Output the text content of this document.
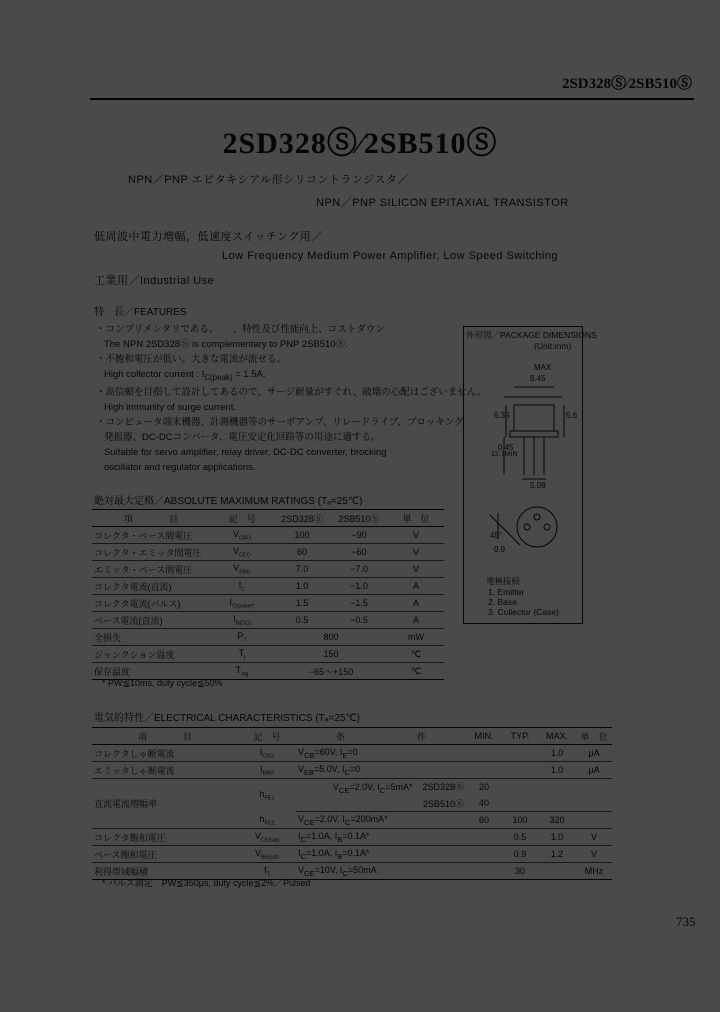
2SD328Ⓢ⁄2SB510Ⓢ
2SD328Ⓢ⁄2SB510Ⓢ
NPN／PNP エピタキシアル形シリコントランジスタ／
NPN／PNP SILICON EPITAXIAL TRANSISTOR
低周波中電力増幅，低速度スイッチング用／
Low Frequency Medium Power Amplifier, Low Speed Switching
工業用／Industrial Use
特　長／FEATURES
・コンプリメンタリである。　　、特性及び性能向上、コストダウン
The NPN 2SD328Ⓢ is complementary to PNP 2SB510Ⓢ.
・不飽和電圧が低い。大きな電流が流せる。
High collector current : $I_{C(peak)} = 1.5A$.
・高信頼を目指して設計してあるので、サージ耐量がすぐれ、破壊の心配はございません。
High immunity of surge current.
・コンピュータ端末機器、計測機器等のサーボアンプ、リレードライブ、ブロッキング
発振器、DC-DCコンバータ、電圧安定化回路等の用途に適する。
Suitable for servo amplifier, relay driver, DC-DC converter, brocking
oscillator and regulator applications.
外形図／PACKAGE DIMENSIONS
(Unit:mm)
MAX
8.45
6.35	5.6
12.7MIN
0.45
5.08
45°
0.9
電極接続
1. Emitter
2. Base
3. Collector (Case)
絶対最大定格／ABSOLUTE MAXIMUM RATINGS (Tₐ=25℃)
項　　　　目	記　号	2SD328Ⓢ	2SB510Ⓢ	単　位
コレクタ・ベース間電圧	$V_{CBO}$	100	−90	V
コレクタ・エミッタ間電圧	$V_{CEO}$	60	−60	V
エミッタ・ベース間電圧	$V_{EBO}$	7.0	−7.0	V
コレクタ電流(直流)	$I_C$	1.0	−1.0	A
コレクタ電流(パルス)	$I_{C(pulse)*}$	1.5	−1.5	A
ベース電流(直流)	$I_{B(DC)}$	0.5	−0.5	A
全損失	$P_T$	800		mW
ジャンクション温度	$T_j$	150		℃
保存温度	$T_{stg}$	−65～+150		℃
* PW≦10ms, duty cycle≦50%
電気的特性／ELECTRICAL CHARACTERISTICS (Tₐ=25℃)
項　　　　目	記　号	条　　　　　　　　件	MIN.	TYP.	MAX.	単　位
コレクタしゃ断電流	$I_{CBO}$	$V_{CB}=60V$, $I_E=0$			1.0	μA
エミッタしゃ断電流	$I_{EBO}$	$V_{EB}=5.0V$, $I_C=0$			1.0	μA
直流電流増幅率	$h_{FE1}$	$V_{CE}=2.0V$, $I_C=5mA*$    2SD328Ⓢ	20			
		2SB510Ⓢ	40			
	$h_{FE2}$	$V_{CE}=2.0V$, $I_C=200mA*$	60	100	320	
コレクタ飽和電圧	$V_{CE(sat)}$	$I_C=1.0A$, $I_B=0.1A*$		0.5	1.0	V
ベース飽和電圧	$V_{BE(sat)}$	$I_C=1.0A$, $I_B=0.1A*$		0.9	1.2	V
利得帯域幅積	$f_T$	$V_{CE}=10V$, $I_C=50mA$		30		MHz
* パルス測定　PW≦350μs, duty cycle≦2%／Pulsed
735
